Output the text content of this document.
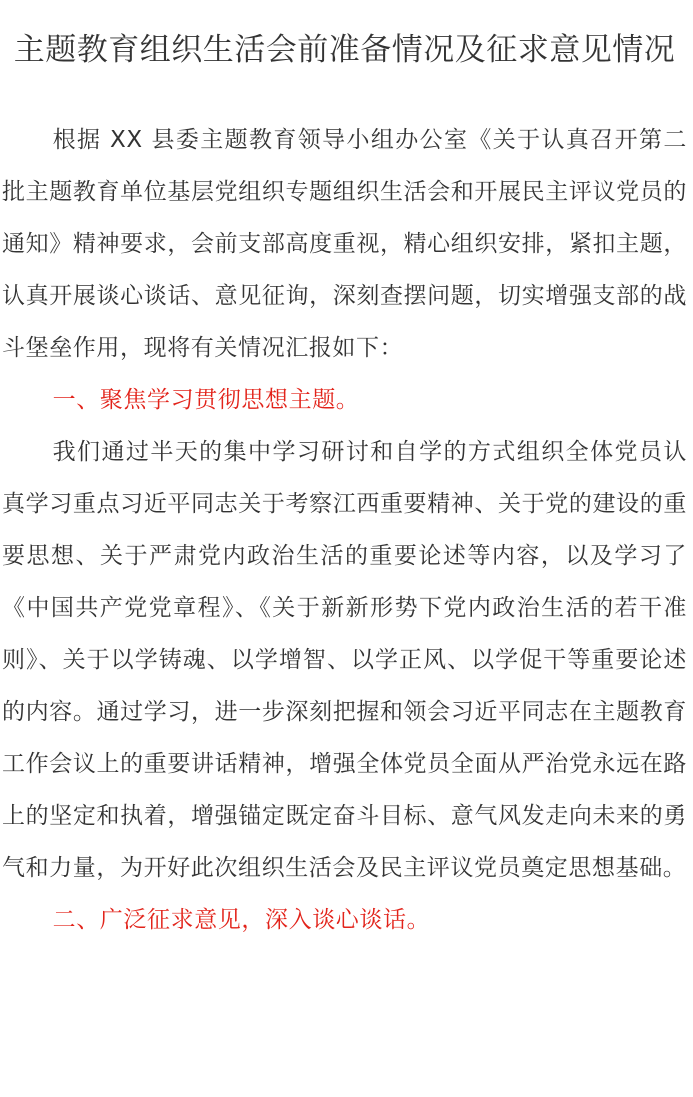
主题教育组织生活会前准备情况及征求意见情况

根据 XX 县委主题教育领导小组办公室《关于认真召开第二批主题教育单位基层党组织专题组织生活会和开展民主评议党员的通知》精神要求，会前支部高度重视，精心组织安排，紧扣主题，认真开展谈心谈话、意见征询，深刻查摆问题，切实增强支部的战斗堡垒作用，现将有关情况汇报如下：

一、聚焦学习贯彻思想主题。

我们通过半天的集中学习研讨和自学的方式组织全体党员认真学习重点习近平同志关于考察江西重要精神、关于党的建设的重要思想、关于严肃党内政治生活的重要论述等内容，以及学习了《中国共产党党章程》、《关于新新形势下党内政治生活的若干准则》、关于以学铸魂、以学增智、以学正风、以学促干等重要论述的内容。通过学习，进一步深刻把握和领会习近平同志在主题教育工作会议上的重要讲话精神，增强全体党员全面从严治党永远在路上的坚定和执着，增强锚定既定奋斗目标、意气风发走向未来的勇气和力量，为开好此次组织生活会及民主评议党员奠定思想基础。

二、广泛征求意见，深入谈心谈话。
